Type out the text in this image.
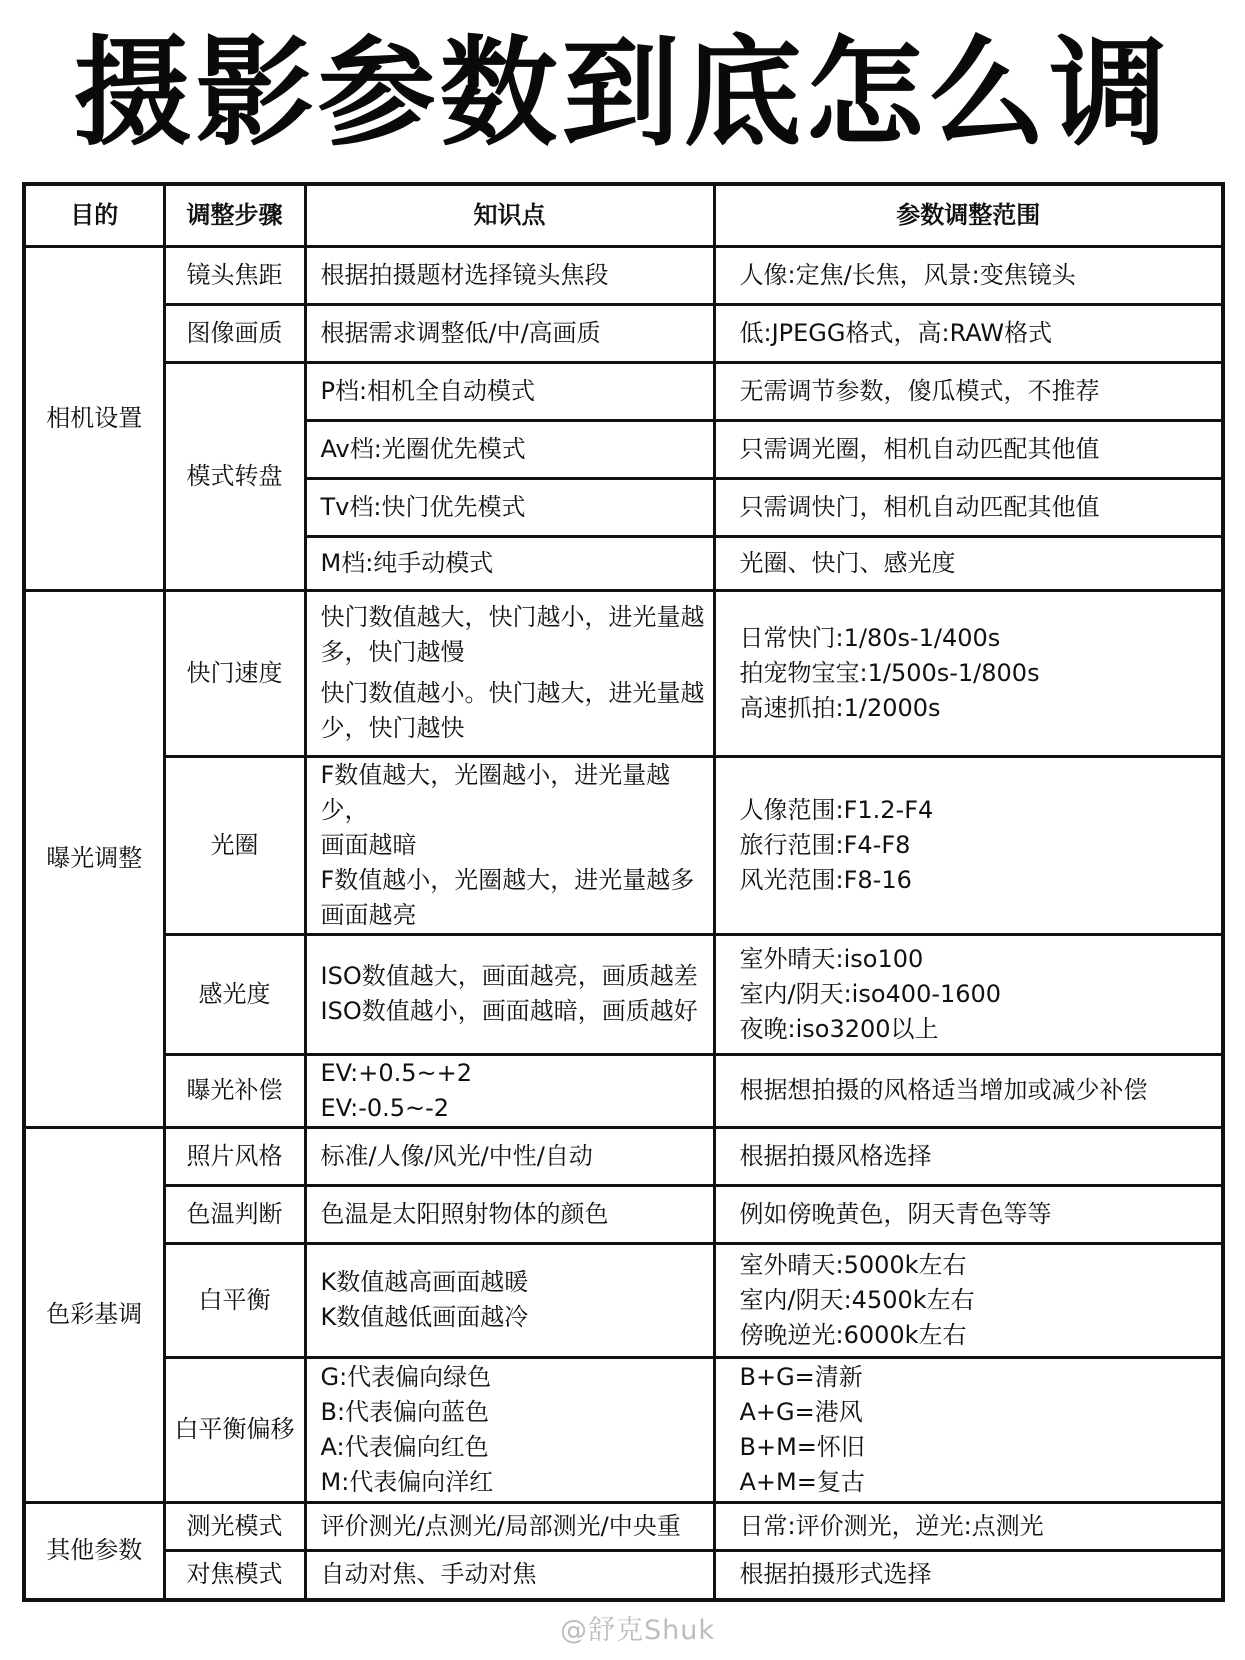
摄影参数到底怎么调
目的	调整步骤	知识点	参数调整范围
相机设置	镜头焦距	根据拍摄题材选择镜头焦段	人像:定焦/长焦，风景:变焦镜头

	图像画质	根据需求调整低/中/高画质	低:JPEGG格式，高:RAW格式

	模式转盘	P档:相机全自动模式	无需调节参数，傻瓜模式，不推荐

		Av档:光圈优先模式	只需调光圈，相机自动匹配其他值

		Tv档:快门优先模式	只需调快门，相机自动匹配其他值

		M档:纯手动模式	光圈、快门、感光度

曝光调整	快门速度	快门数值越大，快门越小，进光量越
多，快门越慢
快门数值越小。快门越大，进光量越
少，快门越快	日常快门:1/80s-1/400s
拍宠物宝宝:1/500s-1/800s
高速抓拍:1/2000s

	光圈	F数值越大，光圈越小，进光量越少，
画面越暗
F数值越小，光圈越大，进光量越多
画面越亮	人像范围:F1.2-F4
旅行范围:F4-F8
风光范围:F8-16

	感光度	ISO数值越大，画面越亮，画质越差
ISO数值越小，画面越暗，画质越好	室外晴天:iso100
室内/阴天:iso400-1600
夜晚:iso3200以上

	曝光补偿	EV:+0.5~+2
EV:-0.5~-2	根据想拍摄的风格适当增加或减少补偿

色彩基调	照片风格	标准/人像/风光/中性/自动	根据拍摄风格选择

	色温判断	色温是太阳照射物体的颜色	例如傍晚黄色，阴天青色等等

	白平衡	K数值越高画面越暖
K数值越低画面越冷	室外晴天:5000k左右
室内/阴天:4500k左右
傍晚逆光:6000k左右

	白平衡偏移	G:代表偏向绿色
B:代表偏向蓝色
A:代表偏向红色
M:代表偏向洋红	B+G=清新
A+G=港风
B+M=怀旧
A+M=复古

其他参数	测光模式	评价测光/点测光/局部测光/中央重	日常:评价测光，逆光:点测光

	对焦模式	自动对焦、手动对焦	根据拍摄形式选择
@舒克Shuk
